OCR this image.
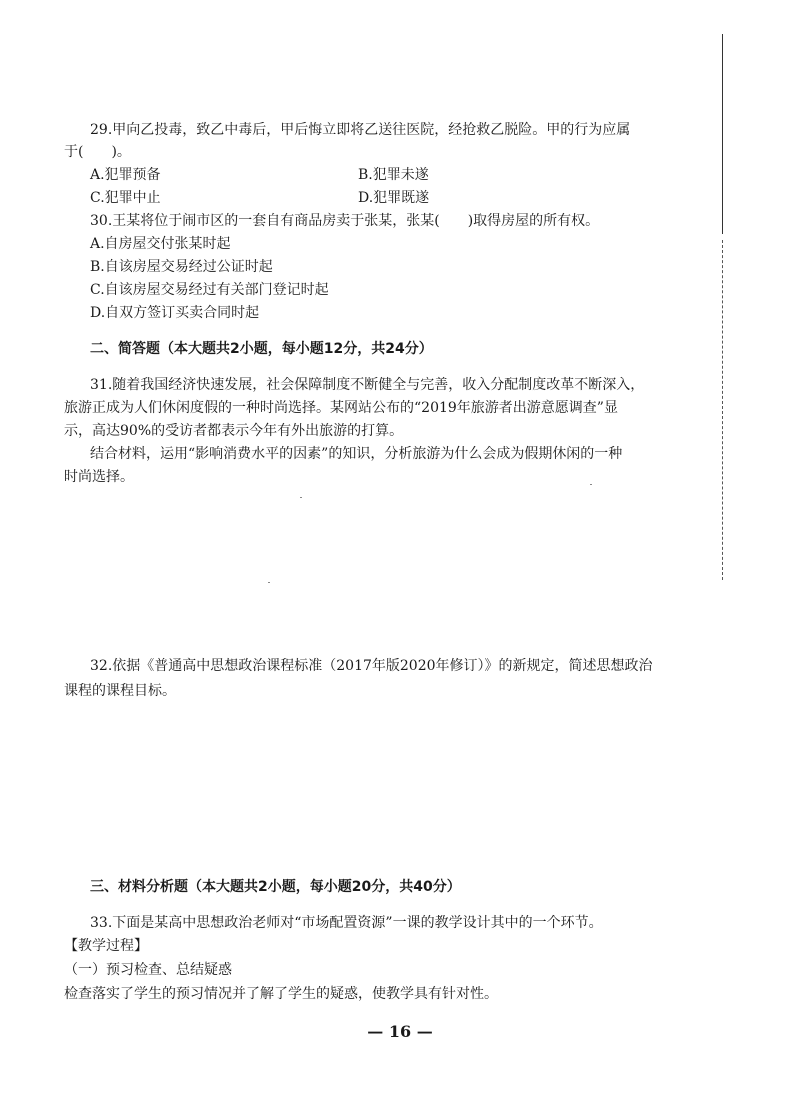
29.甲向乙投毒，致乙中毒后，甲后悔立即将乙送往医院，经抢救乙脱险。甲的行为应属
于(　　)。
A.犯罪预备	B.犯罪未遂
C.犯罪中止	D.犯罪既遂
30.王某将位于闹市区的一套自有商品房卖于张某，张某(　　)取得房屋的所有权。
A.自房屋交付张某时起
B.自该房屋交易经过公证时起
C.自该房屋交易经过有关部门登记时起
D.自双方签订买卖合同时起
二、简答题（本大题共2小题，每小题12分，共24分）
31.随着我国经济快速发展，社会保障制度不断健全与完善，收入分配制度改革不断深入，
旅游正成为人们休闲度假的一种时尚选择。某网站公布的“2019年旅游者出游意愿调查”显
示，高达90%的受访者都表示今年有外出旅游的打算。
结合材料，运用“影响消费水平的因素”的知识，分析旅游为什么会成为假期休闲的一种
时尚选择。
32.依据《普通高中思想政治课程标准（2017年版2020年修订）》的新规定，简述思想政治
课程的课程目标。
三、材料分析题（本大题共2小题，每小题20分，共40分）
33.下面是某高中思想政治老师对“市场配置资源”一课的教学设计其中的一个环节。
【教学过程】
（一）预习检查、总结疑惑
检查落实了学生的预习情况并了解了学生的疑惑，使教学具有针对性。
— 16 —
